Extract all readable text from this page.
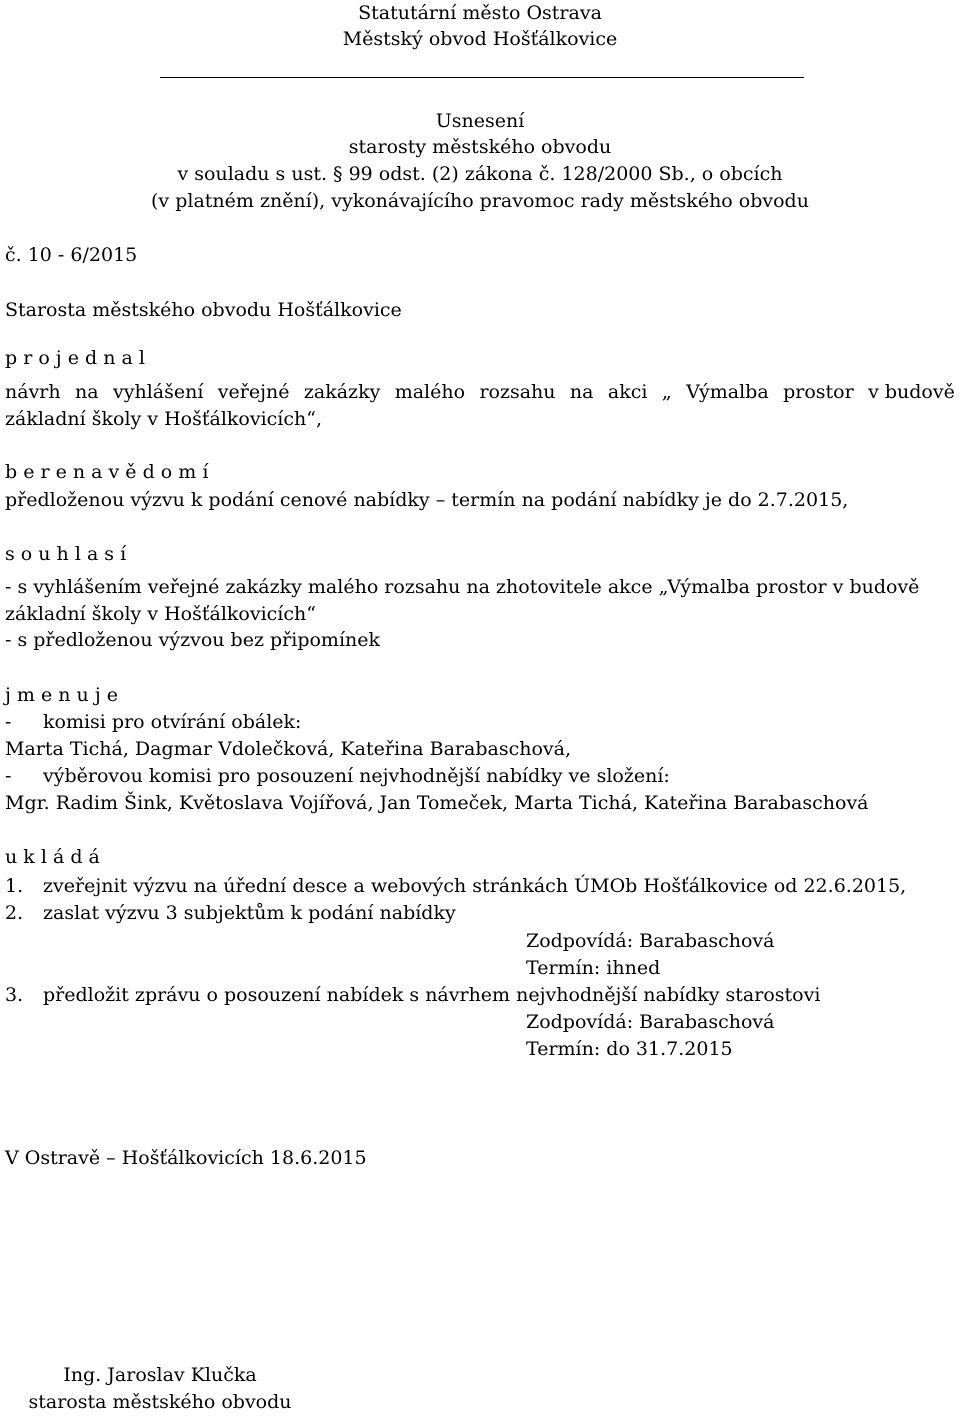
Statutární město Ostrava
Městský obvod Hošťálkovice
Usnesení
starosty městského obvodu
v souladu s ust. § 99 odst. (2) zákona č. 128/2000 Sb., o obcích
(v platném znění), vykonávajícího pravomoc rady městského obvodu
č. 10 - 6/2015
Starosta městského obvodu Hošťálkovice
p r o j e d n a l
návrh na vyhlášení veřejné zakázky malého rozsahu na akci „ Výmalba prostor v budově
základní školy v Hošťálkovicích“,
b e r e n a v ě d o m í
předloženou výzvu k podání cenové nabídky – termín na podání nabídky je do 2.7.2015,
s o u h l a s í
- s vyhlášením veřejné zakázky malého rozsahu na zhotovitele akce „Výmalba prostor v budově
základní školy v Hošťálkovicích“
- s předloženou výzvou bez připomínek
j m e n u j e
- komisi pro otvírání obálek:
Marta Tichá, Dagmar Vdolečková, Kateřina Barabaschová,
- výběrovou komisi pro posouzení nejvhodnější nabídky ve složení:
Mgr. Radim Šink, Květoslava Vojířová, Jan Tomeček, Marta Tichá, Kateřina Barabaschová
u k l á d á
1. zveřejnit výzvu na úřední desce a webových stránkách ÚMOb Hošťálkovice od 22.6.2015,
2. zaslat výzvu 3 subjektům k podání nabídky
Zodpovídá: Barabaschová
Termín: ihned
3. předložit zprávu o posouzení nabídek s návrhem nejvhodnější nabídky starostovi
Zodpovídá: Barabaschová
Termín: do 31.7.2015
V Ostravě – Hošťálkovicích 18.6.2015
Ing. Jaroslav Klučka
starosta městského obvodu
